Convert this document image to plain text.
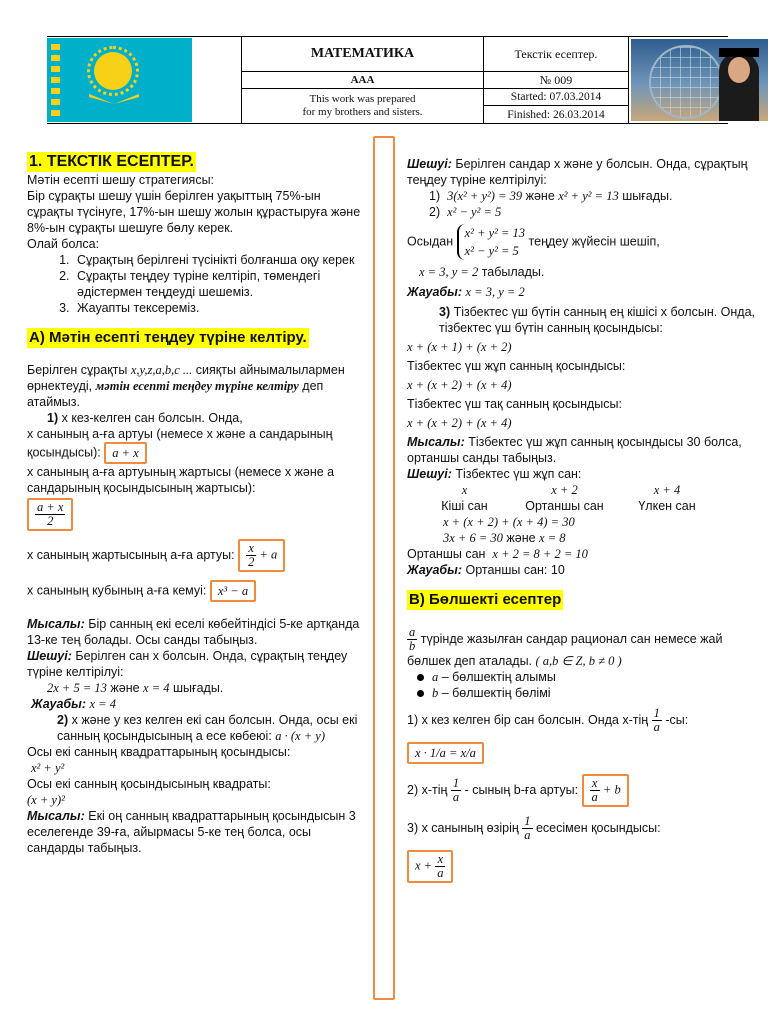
МАТЕМАТИКА	Текстік есептер.
AAA	№ 009
This work was prepared
for my brothers and sisters.
Started: 07.03.2014
Finished: 26.03.2014

1. ТЕКСТІК ЕСЕПТЕР.

Мәтін есепті шешу стратегиясы:

Бір сұрақты шешу үшін берілген уақыттың 75%-ын сұрақты түсінуге, 17%-ын шешу жолын құрастыруға және 8%-ын сұрақты шешуге бөлу керек.

Олай болса:

1. Сұрақтың берілгені түсінікті болғанша оқу керек
2. Сұрақты теңдеу түріне келтіріп, төмендегі әдістермен теңдеуді шешеміз.
3. Жауапты тексереміз.

А) Мәтін есепті теңдеу түріне келтіру.

Берілген сұрақты x,y,z,a,b,c ... сияқты айнымалылармен өрнектеуді, мәтін есепті теңдеу түріне келтіру деп атаймыз.

1) x кез-келген сан болсын. Онда,

x санының а-ға артуы (немесе x және а сандарының қосындысы): a + x

x санының а-ға артуының жартысы (немесе x және а сандарының қосындысының жартысы):

$\frac{a + x}{2}$

x санының жартысының а-ға артуы: $\frac{x}{2} + a$

x санының кубының а-ға кемуі: x³ − a

Мысалы: Бір санның екі еселі көбейтіндісі 5-ке артқанда 13-ке тең болады. Осы санды табыңыз.

Шешуі: Берілген сан x болсын. Онда, сұрақтың теңдеу түріне келтірілуі:

2x + 5 = 13 және x = 4 шығады.

Жауабы: x = 4

2) x және y кез келген екі сан болсын. Онда, осы екі санның қосындысының а есе көбеюі: a · (x + y)

Осы екі санның квадраттарының қосындысы:

x² + y²

Осы екі санның қосындысының квадраты:

(x + y)²

Мысалы: Екі оң санның квадраттарының қосындысын 3 еселегенде 39-ға, айырмасы 5-ке тең болса, осы сандарды табыңыз.

Шешуі: Берілген сандар x және y болсын. Онда, сұрақтың теңдеу түріне келтірілуі:

1) 3(x² + y²) = 39 және x² + y² = 13 шығады.

2) x² − y² = 5

Осыдан x² + y² = 13
x² − y² = 5 теңдеу жүйесін шешіп,

x = 3, y = 2 табылады.

Жауабы: x = 3, y = 2

3) Тізбектес үш бүтін санның ең кішісі x болсын. Онда, тізбектес үш бүтін санның қосындысы:

x + (x + 1) + (x + 2)

Тізбектес үш жұп санның қосындысы:

x + (x + 2) + (x + 4)

Тізбектес үш тақ санның қосындысы:

x + (x + 2) + (x + 4)

Мысалы: Тізбектес үш жұп санның қосындысы 30 болса, ортаншы санды табыңыз.

Шешуі: Тізбектес үш жұп сан:

x	x + 2	x + 4
Кіші сан	Ортаншы сан	Үлкен сан

x + (x + 2) + (x + 4) = 30

3x + 6 = 30 және x = 8

Ортаншы сан x + 2 = 8 + 2 = 10

Жауабы: Ортаншы сан: 10

В) Бөлшекті есептер

$\frac{a}{b}$ түрінде жазылған сандар рационал сан немесе жай бөлшек деп аталады. ( a,b ∈ Z, b ≠ 0 )

a – бөлшектің алымы

b – бөлшектің бөлімі

1) x кез келген бір сан болсын. Онда $x-тің \frac{1}{a} -сы$:

x · 1/a = x/a

2) $x-тің \frac{1}{a}$ - сының b-ға артуы: $\frac{x}{a} + b$

3) x санының өзірің $\frac{1}{a}$ есесімен қосындысы:

$x + \frac{x}{a}$
